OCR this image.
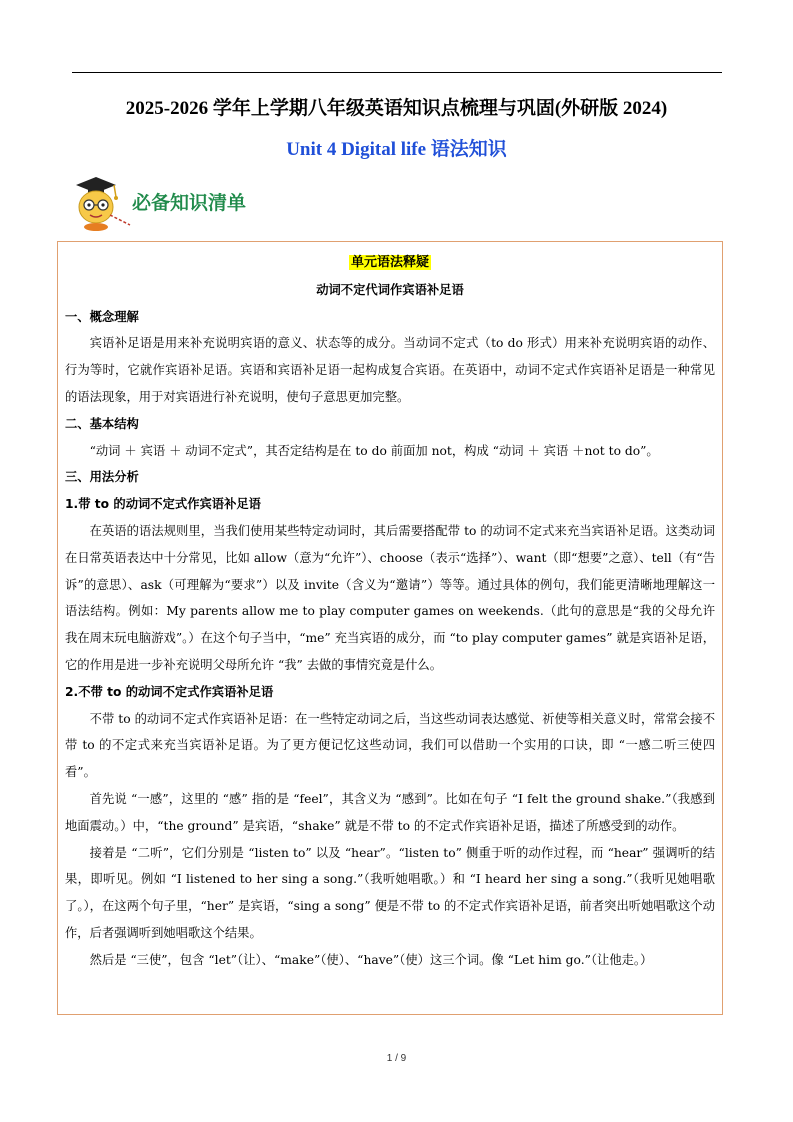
2025-2026 学年上学期八年级英语知识点梳理与巩固(外研版 2024)
Unit 4 Digital life 语法知识
必备知识清单

单元语法释疑

动词不定代词作宾语补足语

一、概念理解

宾语补足语是用来补充说明宾语的意义、状态等的成分。当动词不定式（to do 形式）用来补充说明宾语的动作、行为等时，它就作宾语补足语。宾语和宾语补足语一起构成复合宾语。在英语中，动词不定式作宾语补足语是一种常见的语法现象，用于对宾语进行补充说明，使句子意思更加完整。

二、基本结构

“动词 ＋ 宾语 ＋ 动词不定式”，其否定结构是在 to do 前面加 not，构成 “动词 ＋ 宾语 ＋not to do”。

三、用法分析

1.带 to 的动词不定式作宾语补足语

在英语的语法规则里，当我们使用某些特定动词时，其后需要搭配带 to 的动词不定式来充当宾语补足语。这类动词在日常英语表达中十分常见，比如 allow（意为“允许”）、choose（表示“选择”）、want（即“想要”之意）、tell（有“告诉”的意思）、ask（可理解为“要求”）以及 invite（含义为“邀请”）等等。通过具体的例句，我们能更清晰地理解这一语法结构。例如：My parents allow me to play computer games on weekends.（此句的意思是“我的父母允许我在周末玩电脑游戏”。）在这个句子当中，“me” 充当宾语的成分，而 “to play computer games” 就是宾语补足语，它的作用是进一步补充说明父母所允许 “我” 去做的事情究竟是什么。

2.不带 to 的动词不定式作宾语补足语

不带 to 的动词不定式作宾语补足语：在一些特定动词之后，当这些动词表达感觉、祈使等相关意义时，常常会接不带 to 的不定式来充当宾语补足语。为了更方便记忆这些动词，我们可以借助一个实用的口诀，即 “一感二听三使四看”。

首先说 “一感”，这里的 “感” 指的是 “feel”，其含义为 “感到”。比如在句子 “I felt the ground shake.”（我感到地面震动。）中，“the ground” 是宾语，“shake” 就是不带 to 的不定式作宾语补足语，描述了所感受到的动作。

接着是 “二听”，它们分别是 “listen to” 以及 “hear”。“listen to” 侧重于听的动作过程，而 “hear” 强调听的结果，即听见。例如 “I listened to her sing a song.”（我听她唱歌。）和 “I heard her sing a song.”（我听见她唱歌了。），在这两个句子里，“her” 是宾语，“sing a song” 便是不带 to 的不定式作宾语补足语，前者突出听她唱歌这个动作，后者强调听到她唱歌这个结果。

然后是 “三使”，包含 “let”（让）、“make”（使）、“have”（使）这三个词。像 “Let him go.”（让他走。）

1 / 9
